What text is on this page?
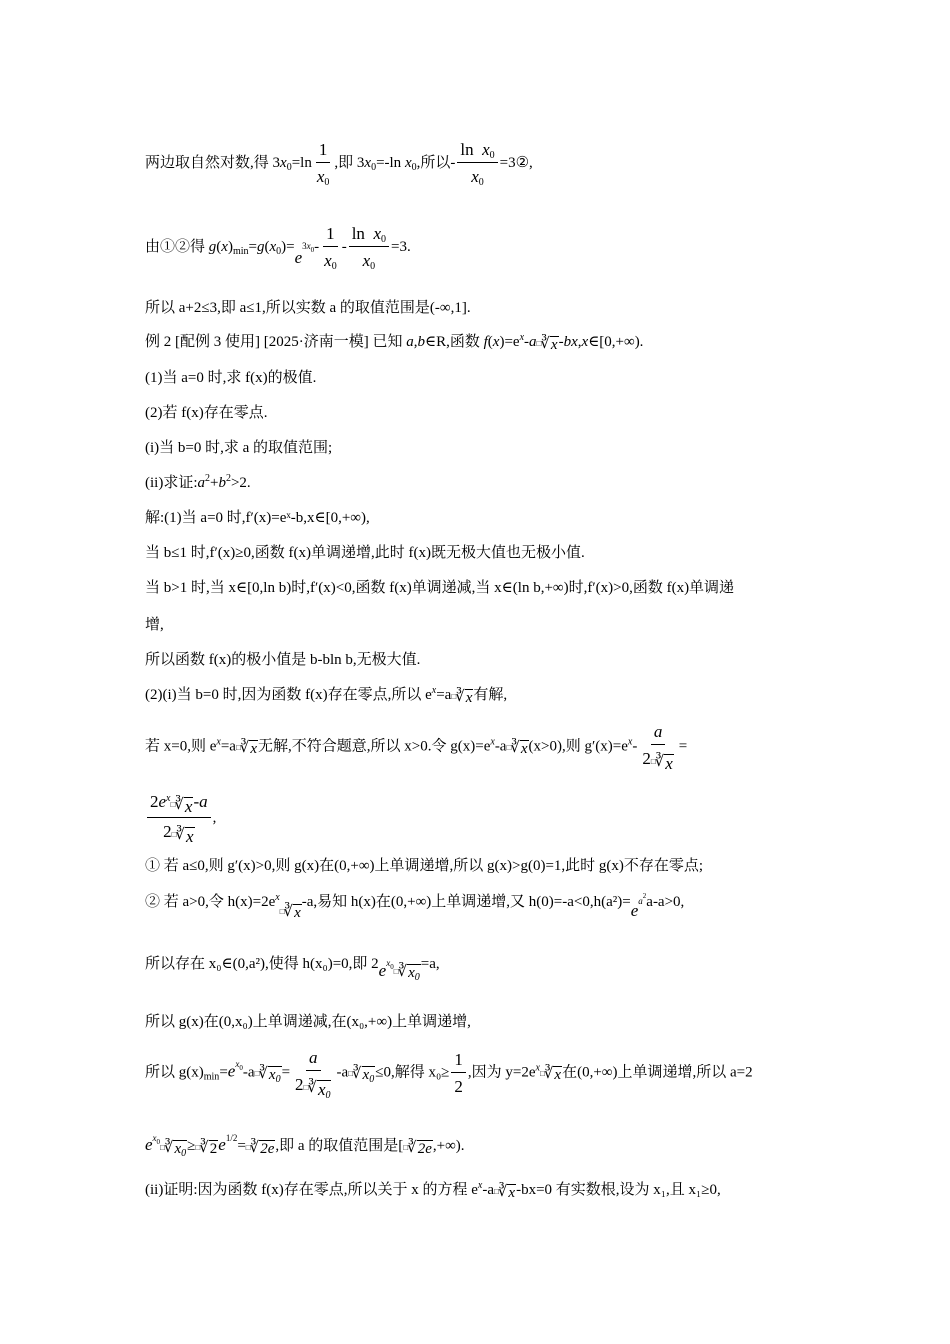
两边取自然对数,得 $3x_0=\ln \frac{1}{x_0}$ ,即 $3x_0=-\ln$ $x_0$,所以- $\frac{\ln x_0}{x_0}$ =3②,
由①②得 $g(x)_{min}=g(x_0)=e3x_0- \frac{1}{x_0} - \frac{\ln x_0}{x_0} =3$.
所以 a+2≤3,即 a≤1,所以实数 a 的取值范围是(-∞,1].
例 2 [配例 3 使用] [2025·济南一模] 已知 a,b∈R,函数 $f(x)=e^x-a$ □ ∛ x -bx,x∈[0,+∞).
(1)当 a=0 时,求 f(x)的极值.
(2)若 f(x)存在零点.
(i)当 b=0 时,求 a 的取值范围;
(ii)求证$:a^2+b^2>2$.
解:(1)当 a=0 时,f′(x)=eˣ-b,x∈[0,+∞),
当 b≤1 时,f′(x)≥0,函数 f(x)单调递增,此时 f(x)既无极大值也无极小值.
当 b>1 时,当 x∈[0,ln b)时,f′(x)<0,函数 f(x)单调递减,当 x∈(ln b,+∞)时,f′(x)>0,函数 f(x)单调递
增,
所以函数 f(x)的极小值是 b-bln b,无极大值.
(2)(i)当 b=0 时,因为函数 f(x)存在零点,所以 $e^x=a$ □ ∛ x 有解,
若 x=0,则 $e^x=a$ □ ∛ x 无解,不符合题意,所以 x>0.令 $g(x)=e^x-a$ □ ∛ x (x>0),则 $g'(x)=e^x- \frac{a}{2 □ ∛ x}$ =
$2e^x$
□ ∛ x -a
2 □ ∛ x ,
① 若 a≤0,则 g′(x)>0,则 g(x)在(0,+∞)上单调递增,所以 g(x)>g(0)=1,此时 g(x)不存在零点;
② 若 a>0,令 $h(x)=2e^x$
□ ∛ x
-a,易知 h(x)在(0,+∞)上单调递增,又 $h(0)=-a<0,h(a^2)=ea^2a-a>0$,
所以存在 x₀∈(0,a²),使得 h(x₀)=0,即 $2ex_0$ □ ∛ $x_0$
=a,
所以 g(x)在(0,x₀)上单调递减,在(x₀,+∞)上单调递增,
所以 $g(x)_{min}=e^{x_0}-a$ □ ∛ $x_0 = \frac{a}{2 □ ∛ x_0} -a$ □ ∛ $x_0 \le 0$,解得 $x_0\ge \frac{1}{2}$ ,因为 $y=2e^x$
□ ∛ x 在(0,+∞)上单调递增,所以 a=2
$e^{x_0}$
□ ∛ $x_0$ ≥ □ ∛ 2 $e^{1/2}=$ □ ∛ 2e ,即 a 的取值范围是[ □ ∛ 2e ,+∞).
(ii)证明:因为函数 f(x)存在零点,所以关于 x 的方程 $e^x-a$ □ ∛ x -bx=0 有实数根,设为 x₁,且 x₁≥0,
